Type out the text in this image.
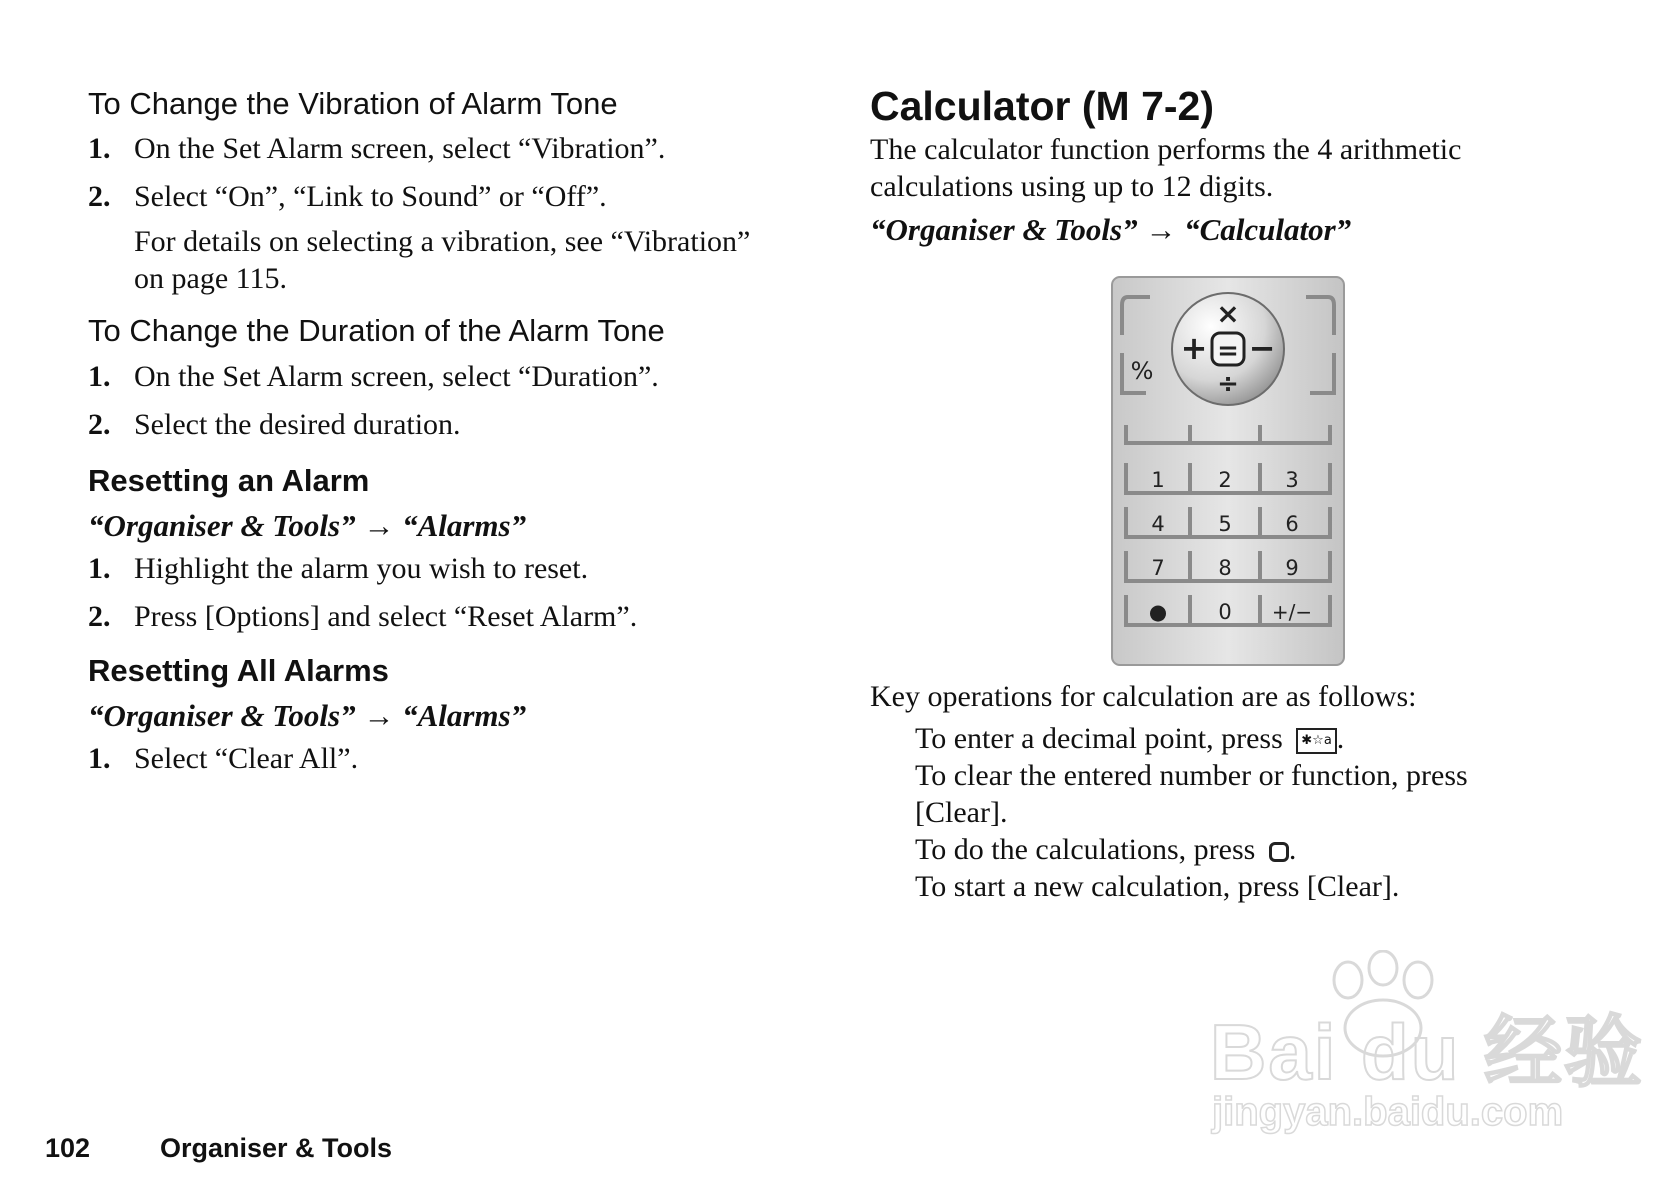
To Change the Vibration of Alarm Tone
1. On the Set Alarm screen, select “Vibration”.
2. Select “On”, “Link to Sound” or “Off”.
For details on selecting a vibration, see “Vibration”
on page 115.
To Change the Duration of the Alarm Tone
1. On the Set Alarm screen, select “Duration”.
2. Select the desired duration.
Resetting an Alarm
“Organiser & Tools” → “Alarms”
1. Highlight the alarm you wish to reset.
2. Press [Options] and select “Reset Alarm”.
Resetting All Alarms
“Organiser & Tools” → “Alarms”
1. Select “Clear All”.
Calculator (M 7-2)
The calculator function performs the 4 arithmetic
calculations using up to 12 digits.
“Organiser & Tools” → “Calculator”
×
+ = −
÷
%
1	2	3
4	5	6
7	8	9
● 0 +/−
Key operations for calculation are as follows:
To enter a decimal point, press ✱☆a .
To clear the entered number or function, press
[Clear].
To do the calculations, press .
To start a new calculation, press [Clear].
Bai du 经验
jingyan.baidu.com
102	Organiser & Tools
